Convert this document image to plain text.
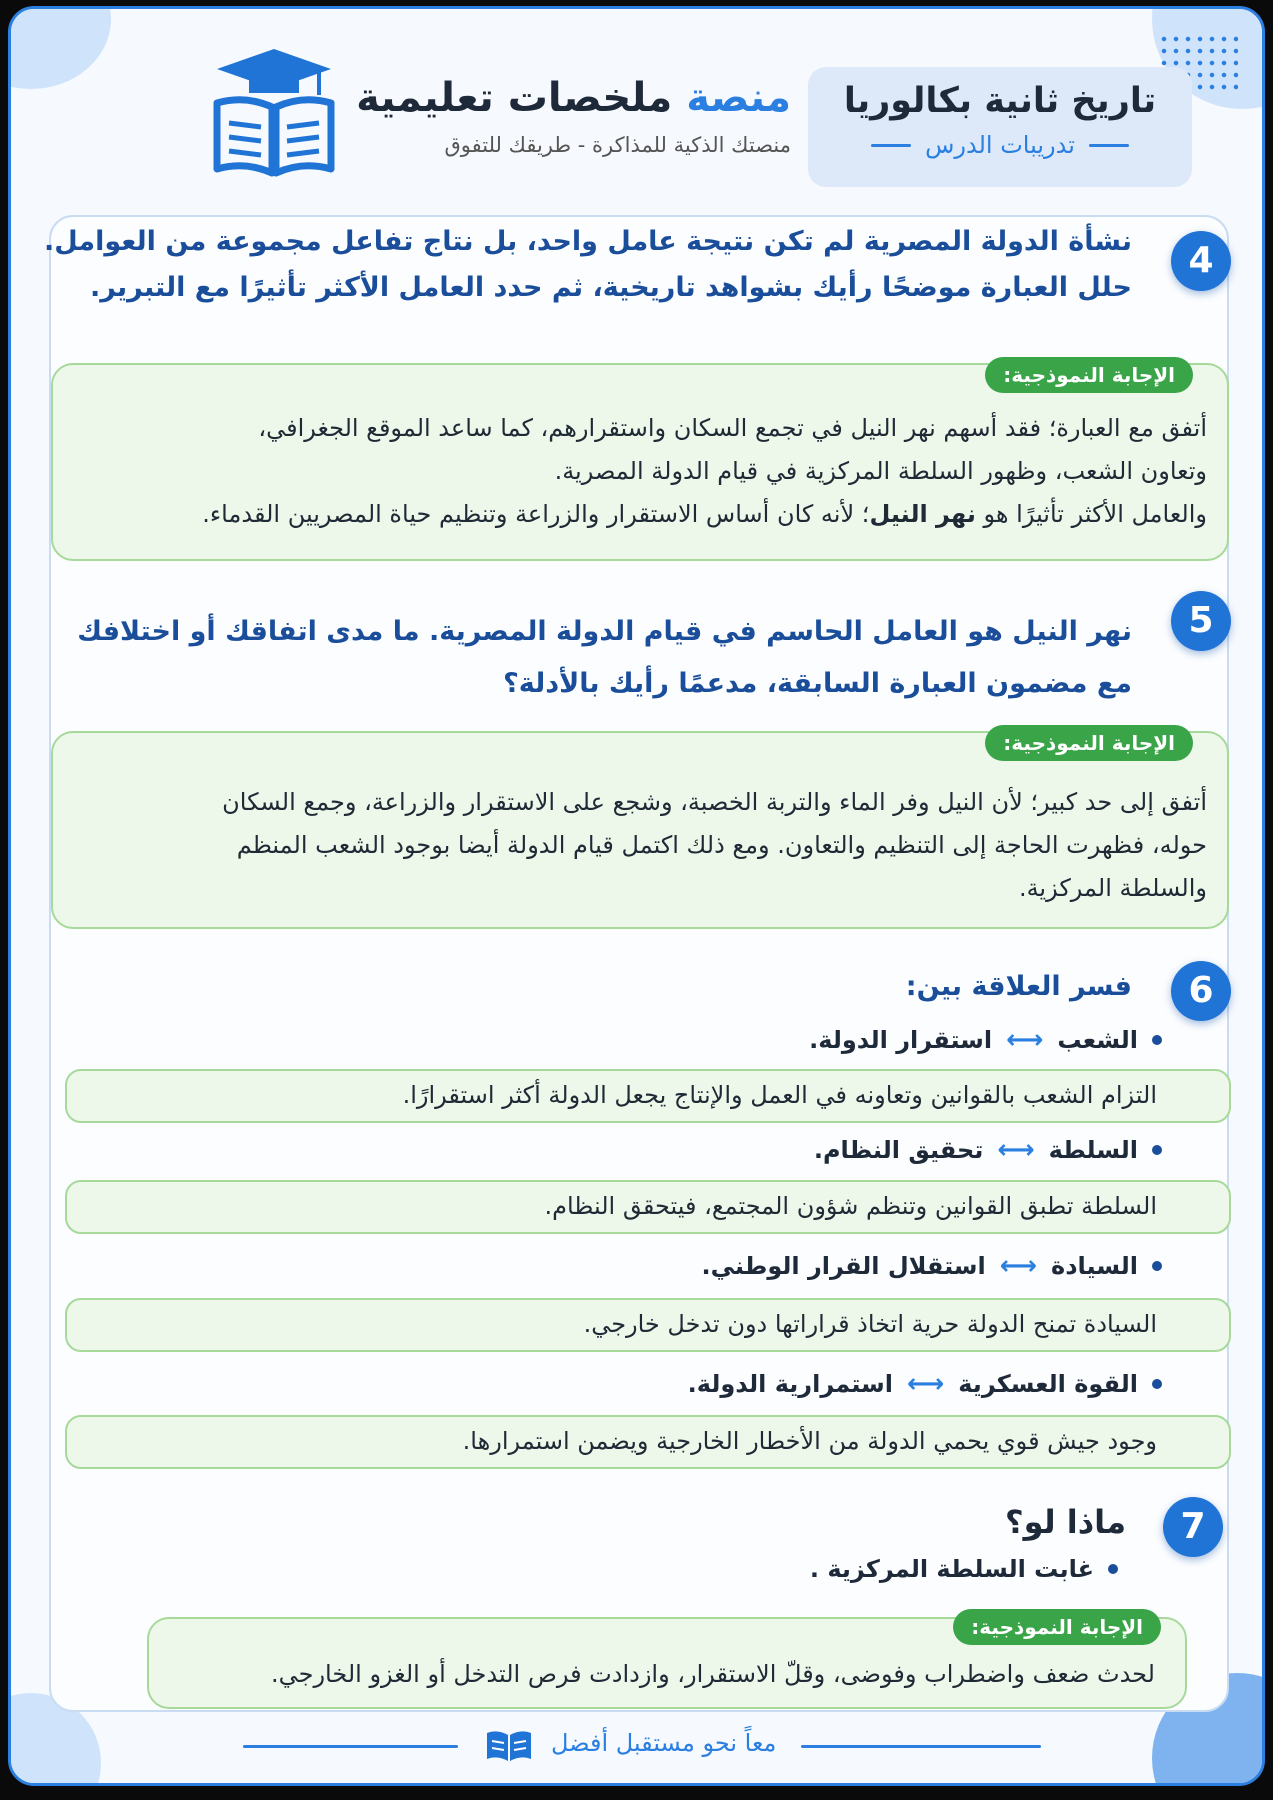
منصة ملخصات تعليمية
منصتك الذكية للمذاكرة - طريقك للتفوق
تاريخ ثانية بكالوريا
تدريبات الدرس
4
نشأة الدولة المصرية لم تكن نتيجة عامل واحد، بل نتاج تفاعل مجموعة من العوامل.
حلل العبارة موضحًا رأيك بشواهد تاريخية، ثم حدد العامل الأكثر تأثيرًا مع التبرير.
الإجابة النموذجية:
أتفق مع العبارة؛ فقد أسهم نهر النيل في تجمع السكان واستقرارهم، كما ساعد الموقع الجغرافي،
وتعاون الشعب، وظهور السلطة المركزية في قيام الدولة المصرية.
والعامل الأكثر تأثيرًا هو نهر النيل؛ لأنه كان أساس الاستقرار والزراعة وتنظيم حياة المصريين القدماء.
5
نهر النيل هو العامل الحاسم في قيام الدولة المصرية. ما مدى اتفاقك أو اختلافك
مع مضمون العبارة السابقة، مدعمًا رأيك بالأدلة؟
الإجابة النموذجية:
أتفق إلى حد كبير؛ لأن النيل وفر الماء والتربة الخصبة، وشجع على الاستقرار والزراعة، وجمع السكان
حوله، فظهرت الحاجة إلى التنظيم والتعاون. ومع ذلك اكتمل قيام الدولة أيضا بوجود الشعب المنظم
والسلطة المركزية.
6
فسر العلاقة بين:
الشعب
⟷
استقرار الدولة.
التزام الشعب بالقوانين وتعاونه في العمل والإنتاج يجعل الدولة أكثر استقرارًا.
السلطة
⟷
تحقيق النظام.
السلطة تطبق القوانين وتنظم شؤون المجتمع، فيتحقق النظام.
السيادة
⟷
استقلال القرار الوطني.
السيادة تمنح الدولة حرية اتخاذ قراراتها دون تدخل خارجي.
القوة العسكرية
⟷
استمرارية الدولة.
وجود جيش قوي يحمي الدولة من الأخطار الخارجية ويضمن استمرارها.
7
ماذا لو؟
غابت السلطة المركزية .
الإجابة النموذجية:
لحدث ضعف واضطراب وفوضى، وقلّ الاستقرار، وازدادت فرص التدخل أو الغزو الخارجي.
معاً نحو مستقبل أفضل
